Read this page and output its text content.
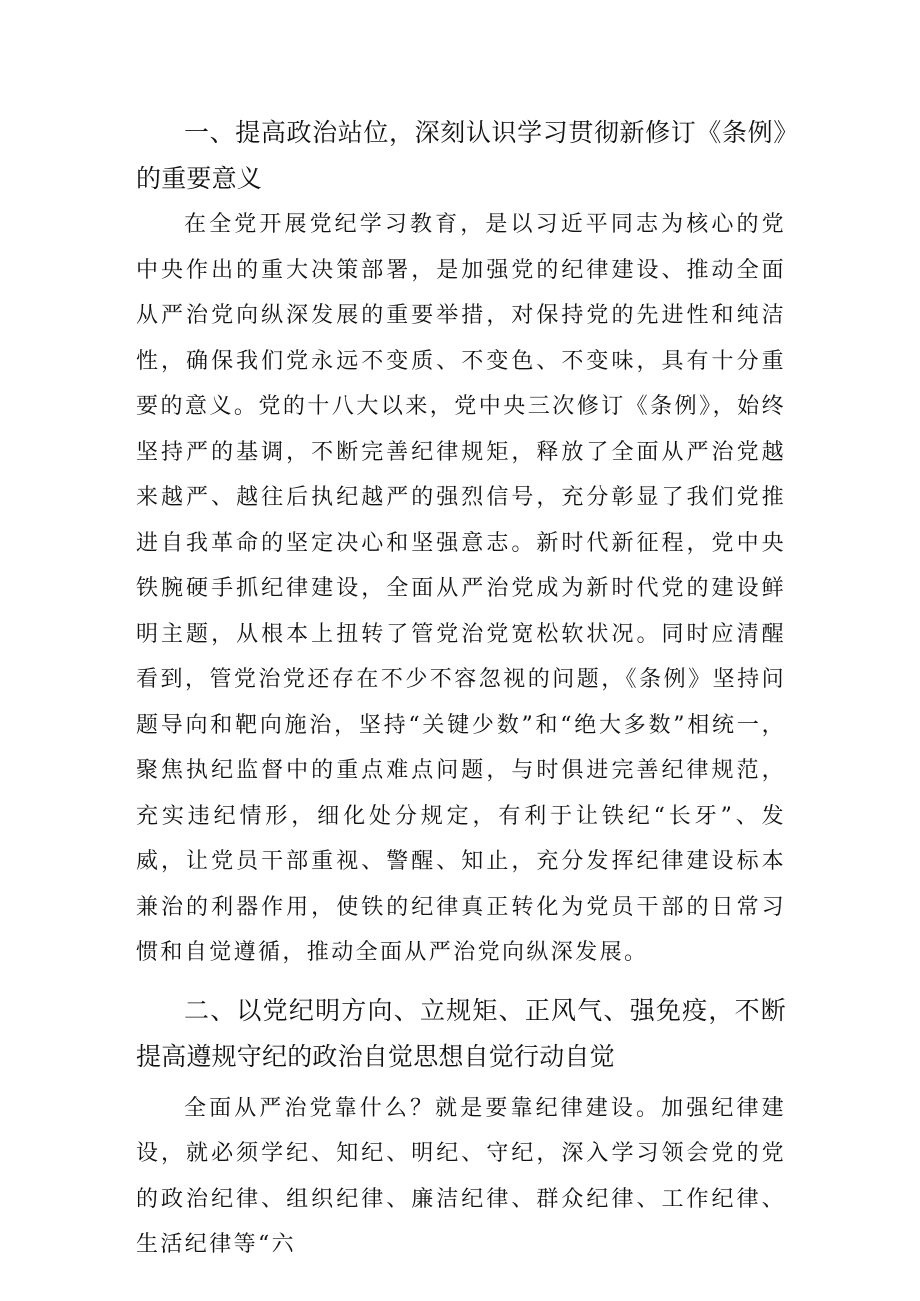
一、提高政治站位，深刻认识学习贯彻新修订《条例》的重要意义

在全党开展党纪学习教育，是以习近平同志为核心的党中央作出的重大决策部署，是加强党的纪律建设、推动全面从严治党向纵深发展的重要举措，对保持党的先进性和纯洁性，确保我们党永远不变质、不变色、不变味，具有十分重要的意义。党的十八大以来，党中央三次修订《条例》，始终坚持严的基调，不断完善纪律规矩，释放了全面从严治党越来越严、越往后执纪越严的强烈信号，充分彰显了我们党推进自我革命的坚定决心和坚强意志。新时代新征程，党中央铁腕硬手抓纪律建设，全面从严治党成为新时代党的建设鲜明主题，从根本上扭转了管党治党宽松软状况。同时应清醒看到，管党治党还存在不少不容忽视的问题，《条例》坚持问题导向和靶向施治，坚持“关键少数”和“绝大多数”相统一，聚焦执纪监督中的重点难点问题，与时俱进完善纪律规范，充实违纪情形，细化处分规定，有利于让铁纪“长牙”、发威，让党员干部重视、警醒、知止，充分发挥纪律建设标本兼治的利器作用，使铁的纪律真正转化为党员干部的日常习惯和自觉遵循，推动全面从严治党向纵深发展。

二、以党纪明方向、立规矩、正风气、强免疫，不断提高遵规守纪的政治自觉思想自觉行动自觉

全面从严治党靠什么？就是要靠纪律建设。加强纪律建设，就必须学纪、知纪、明纪、守纪，深入学习领会党的党的政治纪律、组织纪律、廉洁纪律、群众纪律、工作纪律、生活纪律等“六
